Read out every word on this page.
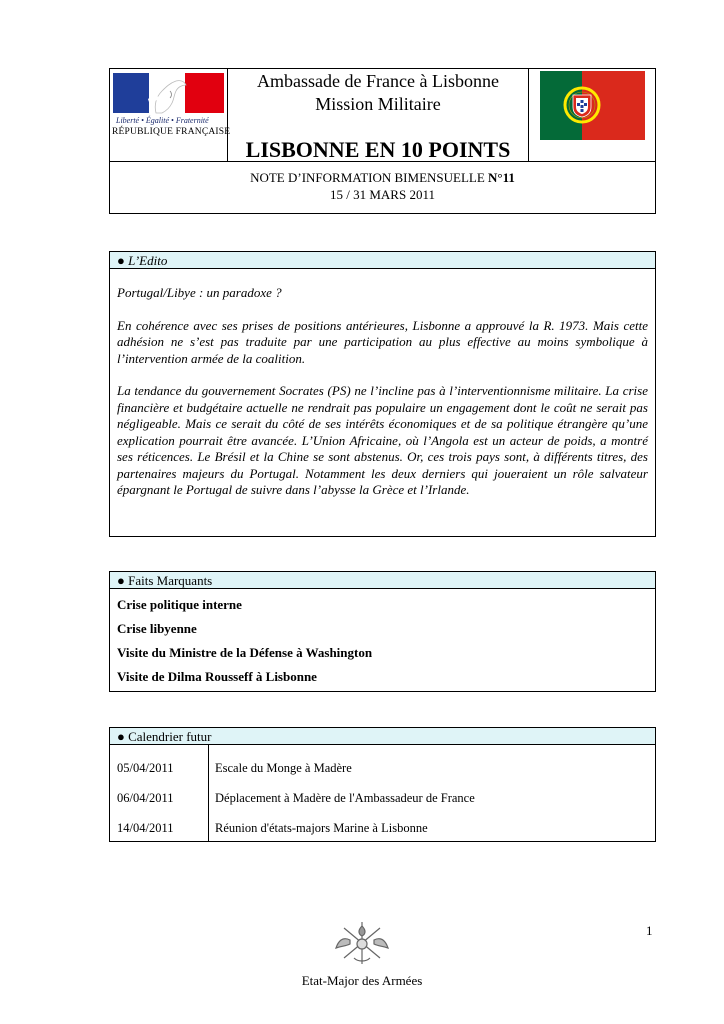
Liberté • Égalité • Fraternité
RÉPUBLIQUE FRANÇAISE
Ambassade de France à Lisbonne
Mission Militaire
LISBONNE EN 10 POINTS
NOTE D’INFORMATION BIMENSUELLE N°11
15 / 31 MARS 2011
● L’Edito

Portugal/Libye : un paradoxe ?

En cohérence avec ses prises de positions antérieures, Lisbonne a approuvé la R. 1973. Mais cette adhésion ne s’est pas traduite par une participation au plus effective au moins symbolique à l’intervention armée de la coalition.

La tendance du gouvernement Socrates (PS) ne l’incline pas à l’interventionnisme militaire. La crise financière et budgétaire actuelle ne rendrait pas populaire un engagement dont le coût ne serait pas négligeable. Mais ce serait du côté de ses intérêts économiques et de sa politique étrangère qu’une explication pourrait être avancée. L’Union Africaine, où l’Angola est un acteur de poids, a montré ses réticences. Le Brésil et la Chine se sont abstenus. Or, ces trois pays sont, à différents titres, des partenaires majeurs du Portugal. Notamment les deux derniers qui joueraient un rôle salvateur épargnant le Portugal de suivre dans l’abysse la Grèce et l’Irlande.

● Faits Marquants
Crise politique interne
Crise libyenne
Visite du Ministre de la Défense à Washington
Visite de Dilma Rousseff à Lisbonne
● Calendrier futur
05/04/2011	Escale du Monge à Madère
06/04/2011	Déplacement à Madère de l'Ambassadeur de France
14/04/2011	Réunion d'états-majors Marine à Lisbonne
1
Etat-Major des Armées
